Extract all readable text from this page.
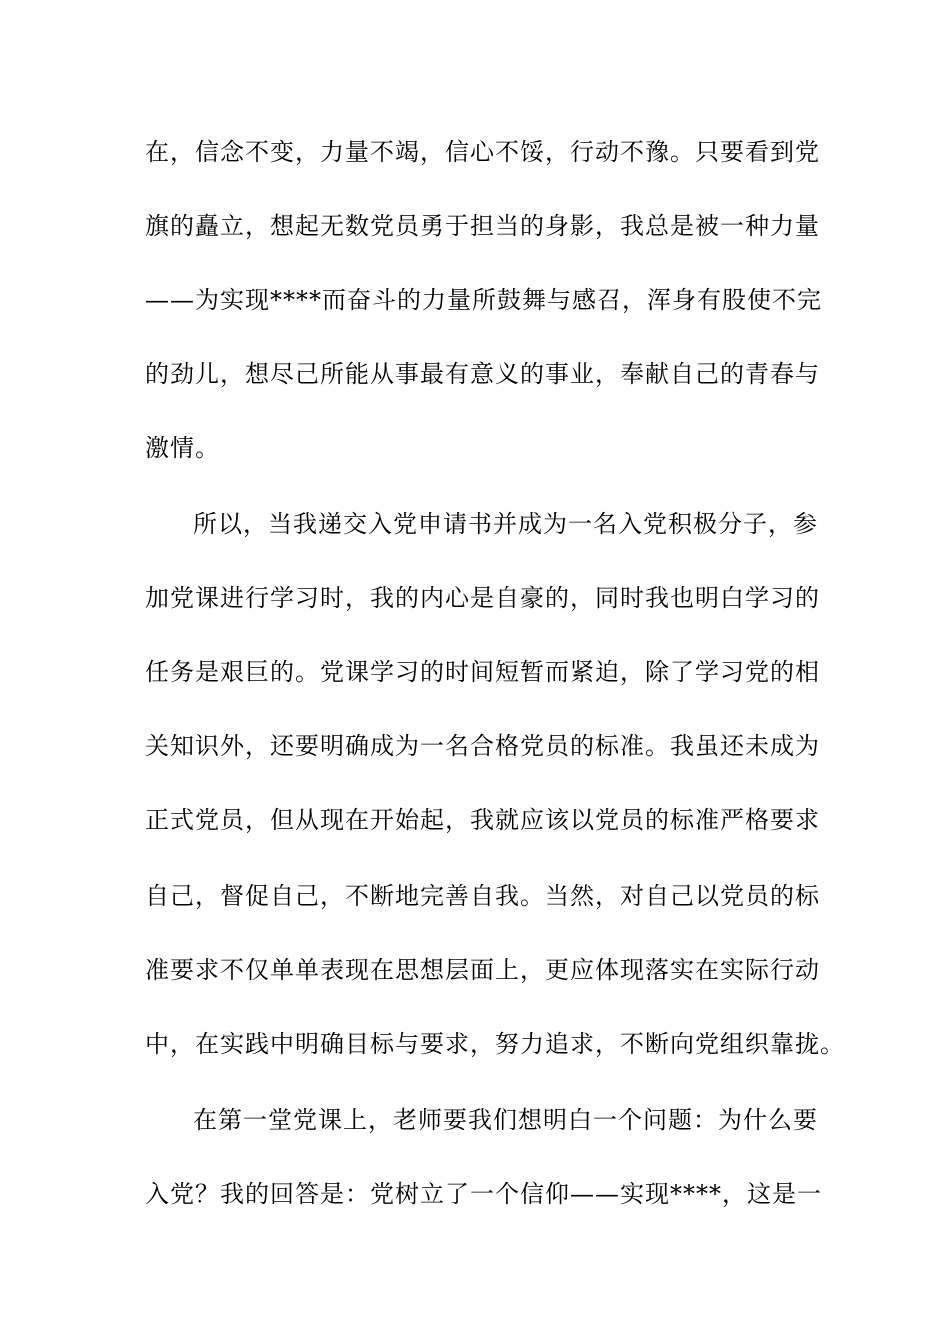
在，信念不变，力量不竭，信心不馁，行动不豫。只要看到党
旗的矗立，想起无数党员勇于担当的身影，我总是被一种力量
——为实现****而奋斗的力量所鼓舞与感召，浑身有股使不完
的劲儿，想尽己所能从事最有意义的事业，奉献自己的青春与
激情。
所以，当我递交入党申请书并成为一名入党积极分子，参
加党课进行学习时，我的内心是自豪的，同时我也明白学习的
任务是艰巨的。党课学习的时间短暂而紧迫，除了学习党的相
关知识外，还要明确成为一名合格党员的标准。我虽还未成为
正式党员，但从现在开始起，我就应该以党员的标准严格要求
自己，督促自己，不断地完善自我。当然，对自己以党员的标
准要求不仅单单表现在思想层面上，更应体现落实在实际行动
中，在实践中明确目标与要求，努力追求，不断向党组织靠拢。
在第一堂党课上，老师要我们想明白一个问题：为什么要
入党？我的回答是：党树立了一个信仰——实现****，这是一
